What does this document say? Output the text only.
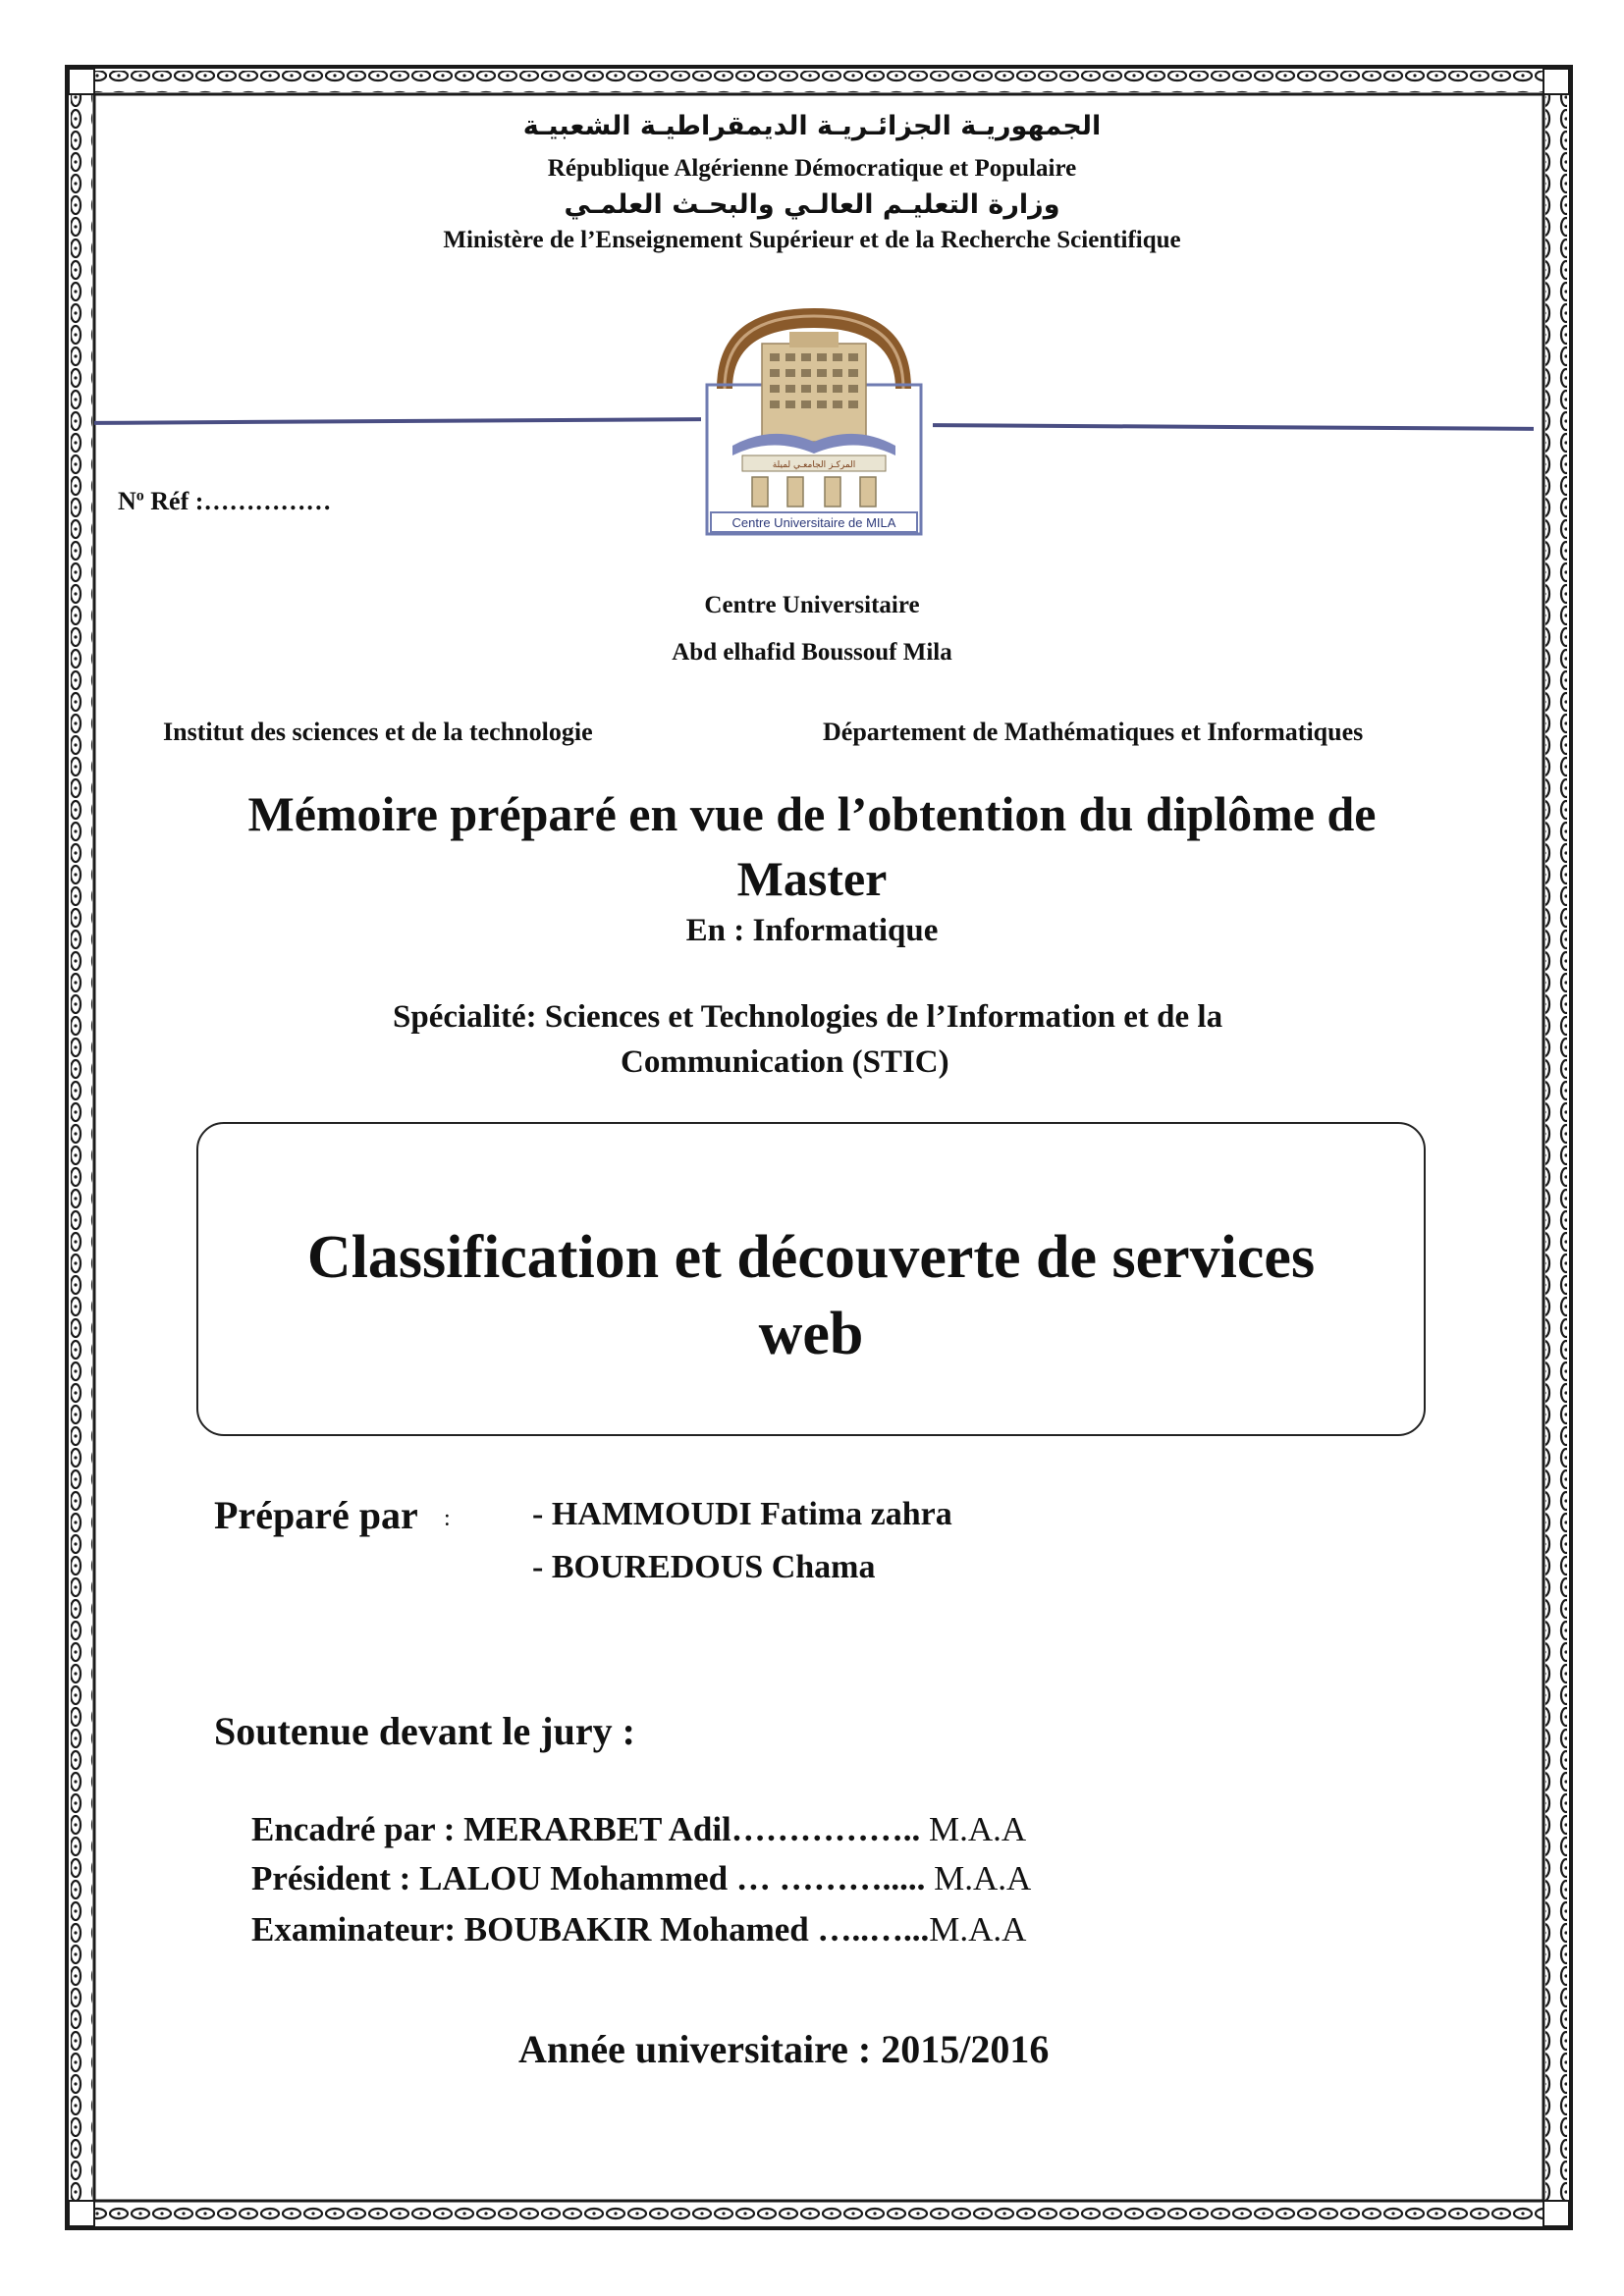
الجمهوريـة الجزائـريـة الديمقراطيـة الشعبيـة
République Algérienne Démocratique et Populaire
وزارة التعليـم العالـي والبحـث العلمـي
Ministère de l’Enseignement Supérieur et de la Recherche Scientifique
المركـز الجامعـي لميلة
Centre Universitaire de MILA
$N^o$ Réf :……………
Centre Universitaire
Abd elhafid Boussouf Mila
Institut des sciences et de la technologie	Département de Mathématiques et Informatiques
Mémoire préparé en vue de l’obtention du diplôme de
Master
En : Informatique
Spécialité: Sciences et Technologies de l’Information et de la
Communication (STIC)
Classification et découverte de services
web
Préparé par : - HAMMOUDI Fatima zahra
- BOUREDOUS Chama
Soutenue devant le jury :
Encadré par : MERARBET Adil…………….. M.A.A
Président : LALOU Mohammed … ………..... M.A.A
Examinateur: BOUBAKIR Mohamed …..…...M.A.A
Année universitaire : 2015/2016
